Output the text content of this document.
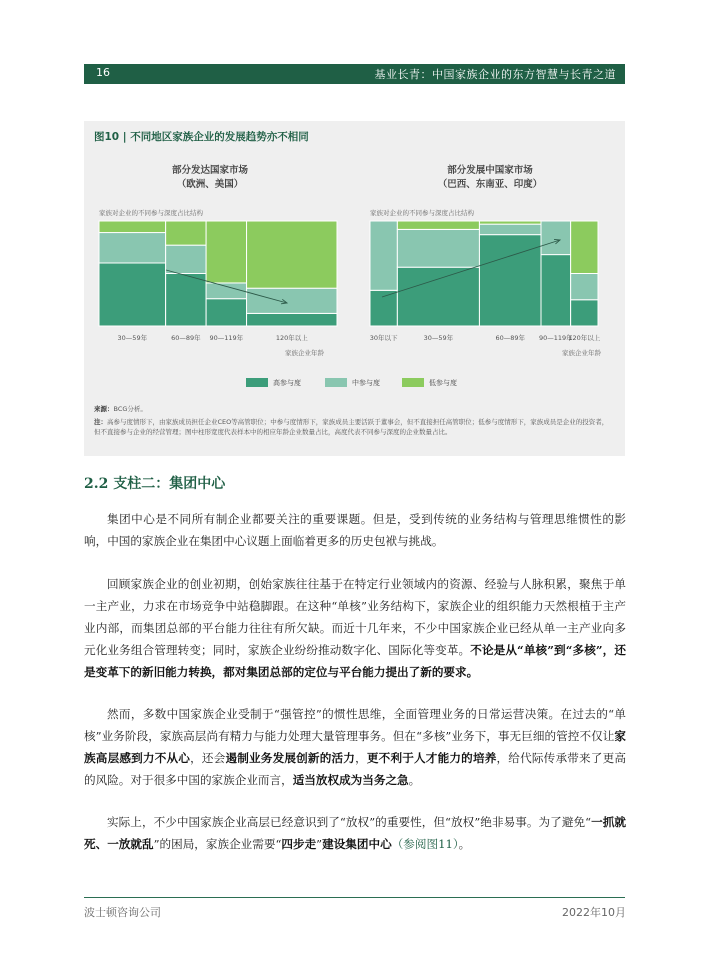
16	基业长青：中国家族企业的东方智慧与长青之道
图10 | 不同地区家族企业的发展趋势亦不相同
部分发达国家市场
（欧洲、美国）
部分发展中国家市场
（巴西、东南亚、印度）
家族对企业的不同参与深度占比结构	家族对企业的不同参与深度占比结构
30—59年	60—89年 90—119年	120年以上	30年以下	30—59年	60—89年 90—119年
120年以上
家族企业年龄	家族企业年龄
高参与度	中参与度	低参与度
来源：BCG分析。
注：高参与度情形下，由家族成员担任企业CEO等高管职位；中参与度情形下，家族成员主要活跃于董事会，但不直接担任高管职位；低参与度情形下，家族成员是企业的投资者，但不直接参与企业的经营管理；图中柱形宽度代表样本中的相应年龄企业数量占比，高度代表不同参与深度的企业数量占比。
2.2 支柱二：集团中心
集团中心是不同所有制企业都要关注的重要课题。但是，受到传统的业务结构与管理思维惯性的影响，中国的家族企业在集团中心议题上面临着更多的历史包袱与挑战。
回顾家族企业的创业初期，创始家族往往基于在特定行业领域内的资源、经验与人脉积累，聚焦于单一主产业，力求在市场竞争中站稳脚跟。在这种“单核”业务结构下，家族企业的组织能力天然根植于主产业内部，而集团总部的平台能力往往有所欠缺。而近十几年来，不少中国家族企业已经从单一主产业向多元化业务组合管理转变；同时，家族企业纷纷推动数字化、国际化等变革。不论是从“单核”到“多核”，还是变革下的新旧能力转换，都对集团总部的定位与平台能力提出了新的要求。
然而，多数中国家族企业受制于“强管控”的惯性思维，全面管理业务的日常运营决策。在过去的“单核”业务阶段，家族高层尚有精力与能力处理大量管理事务。但在“多核”业务下，事无巨细的管控不仅让家族高层感到力不从心，还会遏制业务发展创新的活力，更不利于人才能力的培养，给代际传承带来了更高的风险。对于很多中国的家族企业而言，适当放权成为当务之急。
实际上，不少中国家族企业高层已经意识到了“放权”的重要性，但“放权”绝非易事。为了避免“一抓就死、一放就乱”的困局，家族企业需要“四步走”建设集团中心（参阅图11）。
波士顿咨询公司	2022年10月
